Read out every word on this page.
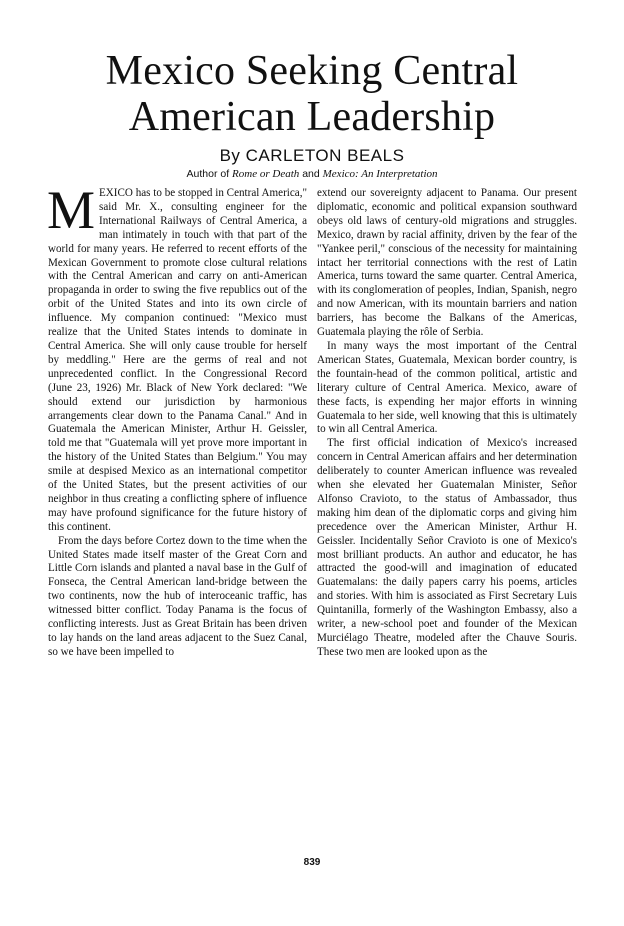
Mexico Seeking Central American Leadership
By CARLETON BEALS
Author of Rome or Death and Mexico: An Interpretation

MEXICO has to be stopped in Central America," said Mr. X., consulting engineer for the International Railways of Central America, a man intimately in touch with that part of the world for many years. He referred to recent efforts of the Mexican Government to promote close cultural relations with the Central American and carry on anti-American propaganda in order to swing the five republics out of the orbit of the United States and into its own circle of influence. My companion continued: "Mexico must realize that the United States intends to dominate in Central America. She will only cause trouble for herself by meddling." Here are the germs of real and not unprecedented conflict. In the Congressional Record (June 23, 1926) Mr. Black of New York declared: "We should extend our jurisdiction by harmonious arrangements clear down to the Panama Canal." And in Guatemala the American Minister, Arthur H. Geissler, told me that "Guatemala will yet prove more important in the history of the United States than Belgium." You may smile at despised Mexico as an international competitor of the United States, but the present activities of our neighbor in thus creating a conflicting sphere of influence may have profound significance for the future history of this continent.

From the days before Cortez down to the time when the United States made itself master of the Great Corn and Little Corn islands and planted a naval base in the Gulf of Fonseca, the Central American land-bridge between the two continents, now the hub of interoceanic traffic, has witnessed bitter conflict. Today Panama is the focus of conflicting interests. Just as Great Britain has been driven to lay hands on the land areas adjacent to the Suez Canal, so we have been impelled to

extend our sovereignty adjacent to Panama. Our present diplomatic, economic and political expansion southward obeys old laws of century-old migrations and struggles. Mexico, drawn by racial affinity, driven by the fear of the "Yankee peril," conscious of the necessity for maintaining intact her territorial connections with the rest of Latin America, turns toward the same quarter. Central America, with its conglomeration of peoples, Indian, Spanish, negro and now American, with its mountain barriers and nation barriers, has become the Balkans of the Americas, Guatemala playing the rôle of Serbia.

In many ways the most important of the Central American States, Guatemala, Mexican border country, is the fountain-head of the common political, artistic and literary culture of Central America. Mexico, aware of these facts, is expending her major efforts in winning Guatemala to her side, well knowing that this is ultimately to win all Central America.

The first official indication of Mexico's increased concern in Central American affairs and her determination deliberately to counter American influence was revealed when she elevated her Guatemalan Minister, Señor Alfonso Cravioto, to the status of Ambassador, thus making him dean of the diplomatic corps and giving him precedence over the American Minister, Arthur H. Geissler. Incidentally Señor Cravioto is one of Mexico's most brilliant products. An author and educator, he has attracted the good-will and imagination of educated Guatemalans: the daily papers carry his poems, articles and stories. With him is associated as First Secretary Luis Quintanilla, formerly of the Washington Embassy, also a writer, a new-school poet and founder of the Mexican Murciélago Theatre, modeled after the Chauve Souris. These two men are looked upon as the

839
